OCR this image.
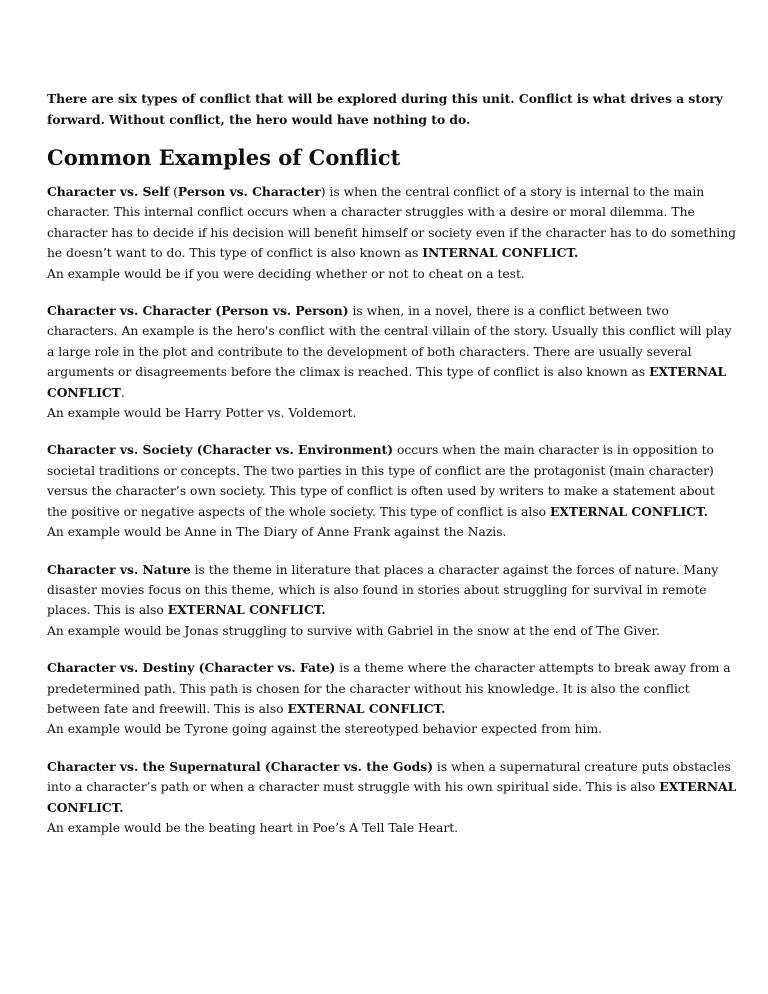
There are six types of conflict that will be explored during this unit. Conflict is what drives a story forward. Without conflict, the hero would have nothing to do.

Common Examples of Conflict

Character vs. Self (Person vs. Character) is when the central conflict of a story is internal to the main character. This internal conflict occurs when a character struggles with a desire or moral dilemma. The character has to decide if his decision will benefit himself or society even if the character has to do something he doesn’t want to do. This type of conflict is also known as INTERNAL CONFLICT.

An example would be if you were deciding whether or not to cheat on a test.

Character vs. Character (Person vs. Person) is when, in a novel, there is a conflict between two characters. An example is the hero's conflict with the central villain of the story. Usually this conflict will play a large role in the plot and contribute to the development of both characters. There are usually several arguments or disagreements before the climax is reached. This type of conflict is also known as EXTERNAL CONFLICT.

An example would be Harry Potter vs. Voldemort.

Character vs. Society (Character vs. Environment) occurs when the main character is in opposition to societal traditions or concepts. The two parties in this type of conflict are the protagonist (main character) versus the character’s own society. This type of conflict is often used by writers to make a statement about the positive or negative aspects of the whole society. This type of conflict is also EXTERNAL CONFLICT.

An example would be Anne in The Diary of Anne Frank against the Nazis.

Character vs. Nature is the theme in literature that places a character against the forces of nature. Many disaster movies focus on this theme, which is also found in stories about struggling for survival in remote places. This is also EXTERNAL CONFLICT.

An example would be Jonas struggling to survive with Gabriel in the snow at the end of The Giver.

Character vs. Destiny (Character vs. Fate) is a theme where the character attempts to break away from a predetermined path. This path is chosen for the character without his knowledge. It is also the conflict between fate and freewill. This is also EXTERNAL CONFLICT.

An example would be Tyrone going against the stereotyped behavior expected from him.

Character vs. the Supernatural (Character vs. the Gods) is when a supernatural creature puts obstacles into a character’s path or when a character must struggle with his own spiritual side. This is also EXTERNAL CONFLICT.

An example would be the beating heart in Poe’s A Tell Tale Heart.
